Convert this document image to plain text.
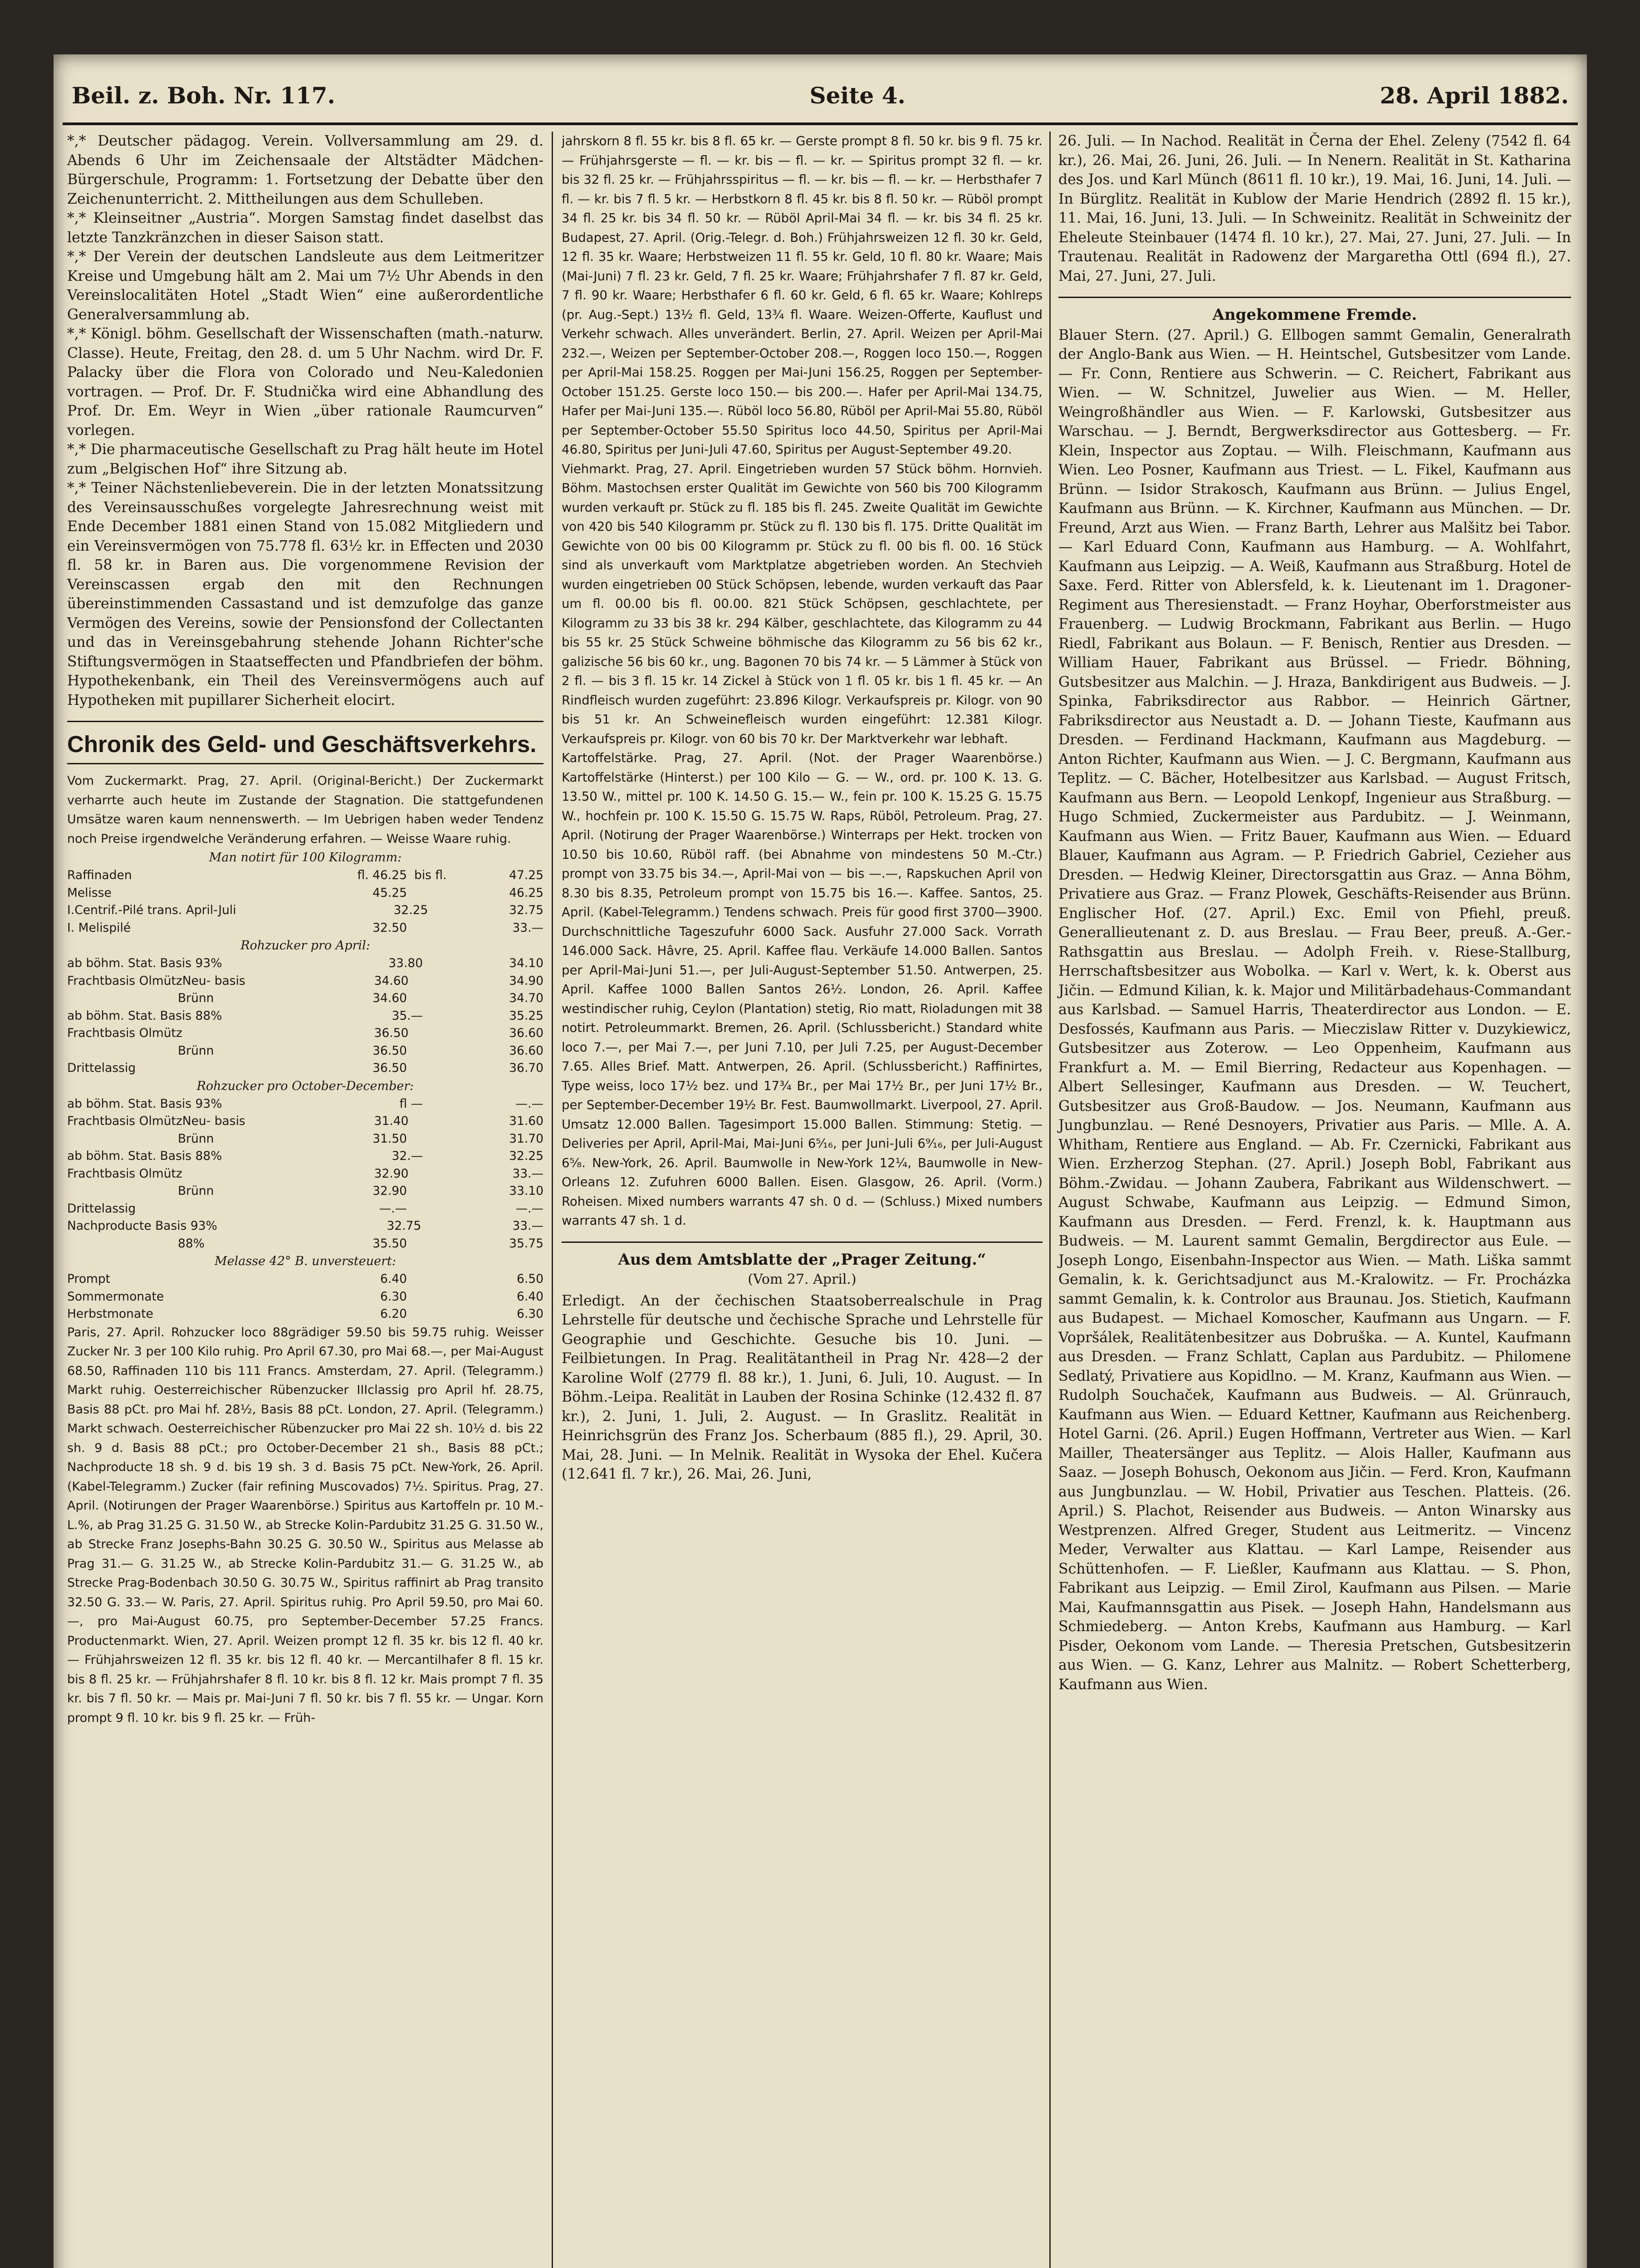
Beil. z. Boh. Nr. 117.	Seite 4.	28. April 1882.

*,* Deutscher pädagog. Verein. Vollversammlung am 29. d. Abends 6 Uhr im Zeichensaale der Altstädter Mädchen-Bürgerschule, Programm: 1. Fortsetzung der Debatte über den Zeichenunterricht. 2. Mittheilungen aus dem Schulleben.

*,* Kleinseitner „Austria“. Morgen Samstag findet daselbst das letzte Tanzkränzchen in dieser Saison statt.

*,* Der Verein der deutschen Landsleute aus dem Leitmeritzer Kreise und Umgebung hält am 2. Mai um 7½ Uhr Abends in den Vereinslocalitäten Hotel „Stadt Wien“ eine außerordentliche Generalversammlung ab.

*,* Königl. böhm. Gesellschaft der Wissenschaften (math.-naturw. Classe). Heute, Freitag, den 28. d. um 5 Uhr Nachm. wird Dr. F. Palacky über die Flora von Colorado und Neu-Kaledonien vortragen. — Prof. Dr. F. Studnička wird eine Abhandlung des Prof. Dr. Em. Weyr in Wien „über rationale Raumcurven“ vorlegen.

*,* Die pharmaceutische Gesellschaft zu Prag hält heute im Hotel zum „Belgischen Hof“ ihre Sitzung ab.

*,* Teiner Nächstenliebeverein. Die in der letzten Monatssitzung des Vereinsausschußes vorgelegte Jahresrechnung weist mit Ende December 1881 einen Stand von 15.082 Mitgliedern und ein Vereinsvermögen von 75.778 fl. 63½ kr. in Effecten und 2030 fl. 58 kr. in Baren aus. Die vorgenommene Revision der Vereinscassen ergab den mit den Rechnungen übereinstimmenden Cassastand und ist demzufolge das ganze Vermögen des Vereins, sowie der Pensionsfond der Collectanten und das in Vereinsgebahrung stehende Johann Richter'sche Stiftungsvermögen in Staatseffecten und Pfandbriefen der böhm. Hypothekenbank, ein Theil des Vereinsvermögens auch auf Hypotheken mit pupillarer Sicherheit elocirt.

Chronik des Geld- und Geschäftsverkehrs.

Vom Zuckermarkt. Prag, 27. April. (Original-Bericht.) Der Zuckermarkt verharrte auch heute im Zustande der Stagnation. Die stattgefundenen Umsätze waren kaum nennenswerth. — Im Uebrigen haben weder Tendenz noch Preise irgendwelche Veränderung erfahren. — Weisse Waare ruhig.

Man notirt für 100 Kilogramm:
Raffinaden	fl. 46.25 bis fl.	47.25
Melisse	45.25	46.25
I.Centrif.-Pilé trans. April-Juli	32.25	32.75
I. Melispilé	32.50	33.—
Rohzucker pro April:
ab böhm. Stat. Basis 93%	33.80	34.10
Frachtbasis Olmütz Neu- basis	34.60	34.90
Brünn	34.60	34.70
ab böhm. Stat. Basis 88%	35.—	35.25
Frachtbasis Olmütz	36.50	36.60
Brünn	36.50	36.60
Drittelassig	36.50	36.70
Rohzucker pro October-December:
ab böhm. Stat. Basis 93%	fl —	—.—
Frachtbasis Olmütz Neu- basis	31.40	31.60
Brünn	31.50	31.70
ab böhm. Stat. Basis 88%	32.—	32.25
Frachtbasis Olmütz	32.90	33.—
Brünn	32.90	33.10
Drittelassig	—.—	—.—
Nachproducte Basis 93%	32.75	33.—
88%	35.50	35.75
Melasse 42° B. unversteuert:
Prompt	6.40	6.50
Sommermonate	6.30	6.40
Herbstmonate	6.20	6.30

Paris, 27. April. Rohzucker loco 88grädiger 59.50 bis 59.75 ruhig. Weisser Zucker Nr. 3 per 100 Kilo ruhig. Pro April 67.30, pro Mai 68.—, per Mai-August 68.50, Raffinaden 110 bis 111 Francs. Amsterdam, 27. April. (Telegramm.) Markt ruhig. Oesterreichischer Rübenzucker IIIclassig pro April hf. 28.75, Basis 88 pCt. pro Mai hf. 28½, Basis 88 pCt. London, 27. April. (Telegramm.) Markt schwach. Oesterreichischer Rübenzucker pro Mai 22 sh. 10½ d. bis 22 sh. 9 d. Basis 88 pCt.; pro October-December 21 sh., Basis 88 pCt.; Nachproducte 18 sh. 9 d. bis 19 sh. 3 d. Basis 75 pCt. New-York, 26. April. (Kabel-Telegramm.) Zucker (fair refining Muscovados) 7½. Spiritus. Prag, 27. April. (Notirungen der Prager Waarenbörse.) Spiritus aus Kartoffeln pr. 10 M.-L.%, ab Prag 31.25 G. 31.50 W., ab Strecke Kolin-Pardubitz 31.25 G. 31.50 W., ab Strecke Franz Josephs-Bahn 30.25 G. 30.50 W., Spiritus aus Melasse ab Prag 31.— G. 31.25 W., ab Strecke Kolin-Pardubitz 31.— G. 31.25 W., ab Strecke Prag-Bodenbach 30.50 G. 30.75 W., Spiritus raffinirt ab Prag transito 32.50 G. 33.— W. Paris, 27. April. Spiritus ruhig. Pro April 59.50, pro Mai 60.—, pro Mai-August 60.75, pro September-December 57.25 Francs. Productenmarkt. Wien, 27. April. Weizen prompt 12 fl. 35 kr. bis 12 fl. 40 kr. — Frühjahrsweizen 12 fl. 35 kr. bis 12 fl. 40 kr. — Mercantilhafer 8 fl. 15 kr. bis 8 fl. 25 kr. — Frühjahrshafer 8 fl. 10 kr. bis 8 fl. 12 kr. Mais prompt 7 fl. 35 kr. bis 7 fl. 50 kr. — Mais pr. Mai-Juni 7 fl. 50 kr. bis 7 fl. 55 kr. — Ungar. Korn prompt 9 fl. 10 kr. bis 9 fl. 25 kr. — Früh-

jahrskorn 8 fl. 55 kr. bis 8 fl. 65 kr. — Gerste prompt 8 fl. 50 kr. bis 9 fl. 75 kr. — Frühjahrsgerste — fl. — kr. bis — fl. — kr. — Spiritus prompt 32 fl. — kr. bis 32 fl. 25 kr. — Frühjahrsspiritus — fl. — kr. bis — fl. — kr. — Herbsthafer 7 fl. — kr. bis 7 fl. 5 kr. — Herbstkorn 8 fl. 45 kr. bis 8 fl. 50 kr. — Rüböl prompt 34 fl. 25 kr. bis 34 fl. 50 kr. — Rüböl April-Mai 34 fl. — kr. bis 34 fl. 25 kr. Budapest, 27. April. (Orig.-Telegr. d. Boh.) Frühjahrsweizen 12 fl. 30 kr. Geld, 12 fl. 35 kr. Waare; Herbstweizen 11 fl. 55 kr. Geld, 10 fl. 80 kr. Waare; Mais (Mai-Juni) 7 fl. 23 kr. Geld, 7 fl. 25 kr. Waare; Frühjahrshafer 7 fl. 87 kr. Geld, 7 fl. 90 kr. Waare; Herbsthafer 6 fl. 60 kr. Geld, 6 fl. 65 kr. Waare; Kohlreps (pr. Aug.-Sept.) 13½ fl. Geld, 13¾ fl. Waare. Weizen-Offerte, Kauflust und Verkehr schwach. Alles unverändert. Berlin, 27. April. Weizen per April-Mai 232.—, Weizen per September-October 208.—, Roggen loco 150.—, Roggen per April-Mai 158.25. Roggen per Mai-Juni 156.25, Roggen per September-October 151.25. Gerste loco 150.— bis 200.—. Hafer per April-Mai 134.75, Hafer per Mai-Juni 135.—. Rüböl loco 56.80, Rüböl per April-Mai 55.80, Rüböl per September-October 55.50 Spiritus loco 44.50, Spiritus per April-Mai 46.80, Spiritus per Juni-Juli 47.60, Spiritus per August-September 49.20.

Viehmarkt. Prag, 27. April. Eingetrieben wurden 57 Stück böhm. Hornvieh. Böhm. Mastochsen erster Qualität im Gewichte von 560 bis 700 Kilogramm wurden verkauft pr. Stück zu fl. 185 bis fl. 245. Zweite Qualität im Gewichte von 420 bis 540 Kilogramm pr. Stück zu fl. 130 bis fl. 175. Dritte Qualität im Gewichte von 00 bis 00 Kilogramm pr. Stück zu fl. 00 bis fl. 00. 16 Stück sind als unverkauft vom Marktplatze abgetrieben worden. An Stechvieh wurden eingetrieben 00 Stück Schöpsen, lebende, wurden verkauft das Paar um fl. 00.00 bis fl. 00.00. 821 Stück Schöpsen, geschlachtete, per Kilogramm zu 33 bis 38 kr. 294 Kälber, geschlachtete, das Kilogramm zu 44 bis 55 kr. 25 Stück Schweine böhmische das Kilogramm zu 56 bis 62 kr., galizische 56 bis 60 kr., ung. Bagonen 70 bis 74 kr. — 5 Lämmer à Stück von 2 fl. — bis 3 fl. 15 kr. 14 Zickel à Stück von 1 fl. 05 kr. bis 1 fl. 45 kr. — An Rindfleisch wurden zugeführt: 23.896 Kilogr. Verkaufspreis pr. Kilogr. von 90 bis 51 kr. An Schweinefleisch wurden eingeführt: 12.381 Kilogr. Verkaufspreis pr. Kilogr. von 60 bis 70 kr. Der Marktverkehr war lebhaft.

Kartoffelstärke. Prag, 27. April. (Not. der Prager Waarenbörse.) Kartoffelstärke (Hinterst.) per 100 Kilo — G. — W., ord. pr. 100 K. 13. G. 13.50 W., mittel pr. 100 K. 14.50 G. 15.— W., fein pr. 100 K. 15.25 G. 15.75 W., hochfein pr. 100 K. 15.50 G. 15.75 W. Raps, Rüböl, Petroleum. Prag, 27. April. (Notirung der Prager Waarenbörse.) Winterraps per Hekt. trocken von 10.50 bis 10.60, Rüböl raff. (bei Abnahme von mindestens 50 M.-Ctr.) prompt von 33.75 bis 34.—, April-Mai von — bis —.—, Rapskuchen April von 8.30 bis 8.35, Petroleum prompt von 15.75 bis 16.—. Kaffee. Santos, 25. April. (Kabel-Telegramm.) Tendens schwach. Preis für good first 3700—3900. Durchschnittliche Tageszufuhr 6000 Sack. Ausfuhr 27.000 Sack. Vorrath 146.000 Sack. Hâvre, 25. April. Kaffee flau. Verkäufe 14.000 Ballen. Santos per April-Mai-Juni 51.—, per Juli-August-September 51.50. Antwerpen, 25. April. Kaffee 1000 Ballen Santos 26½. London, 26. April. Kaffee westindischer ruhig, Ceylon (Plantation) stetig, Rio matt, Rioladungen mit 38 notirt. Petroleummarkt. Bremen, 26. April. (Schlussbericht.) Standard white loco 7.—, per Mai 7.—, per Juni 7.10, per Juli 7.25, per August-December 7.65. Alles Brief. Matt. Antwerpen, 26. April. (Schlussbericht.) Raffinirtes, Type weiss, loco 17½ bez. und 17¾ Br., per Mai 17½ Br., per Juni 17½ Br., per September-December 19½ Br. Fest. Baumwollmarkt. Liverpool, 27. April. Umsatz 12.000 Ballen. Tagesimport 15.000 Ballen. Stimmung: Stetig. — Deliveries per April, April-Mai, Mai-Juni 6⁵⁄₁₆, per Juni-Juli 6⁹⁄₁₆, per Juli-August 6⁵⁄₈. New-York, 26. April. Baumwolle in New-York 12¼, Baumwolle in New-Orleans 12. Zufuhren 6000 Ballen. Eisen. Glasgow, 26. April. (Vorm.) Roheisen. Mixed numbers warrants 47 sh. 0 d. — (Schluss.) Mixed numbers warrants 47 sh. 1 d.

Aus dem Amtsblatte der „Prager Zeitung.“
(Vom 27. April.)

Erledigt. An der čechischen Staatsoberrealschule in Prag Lehrstelle für deutsche und čechische Sprache und Lehrstelle für Geographie und Geschichte. Gesuche bis 10. Juni. — Feilbietungen. In Prag. Realitätantheil in Prag Nr. 428—2 der Karoline Wolf (2779 fl. 88 kr.), 1. Juni, 6. Juli, 10. August. — In Böhm.-Leipa. Realität in Lauben der Rosina Schinke (12.432 fl. 87 kr.), 2. Juni, 1. Juli, 2. August. — In Graslitz. Realität in Heinrichsgrün des Franz Jos. Scherbaum (885 fl.), 29. April, 30. Mai, 28. Juni. — In Melnik. Realität in Wysoka der Ehel. Kučera (12.641 fl. 7 kr.), 26. Mai, 26. Juni,

26. Juli. — In Nachod. Realität in Černa der Ehel. Zeleny (7542 fl. 64 kr.), 26. Mai, 26. Juni, 26. Juli. — In Nenern. Realität in St. Katharina des Jos. und Karl Münch (8611 fl. 10 kr.), 19. Mai, 16. Juni, 14. Juli. — In Bürglitz. Realität in Kublow der Marie Hendrich (2892 fl. 15 kr.), 11. Mai, 16. Juni, 13. Juli. — In Schweinitz. Realität in Schweinitz der Eheleute Steinbauer (1474 fl. 10 kr.), 27. Mai, 27. Juni, 27. Juli. — In Trautenau. Realität in Radowenz der Margaretha Ottl (694 fl.), 27. Mai, 27. Juni, 27. Juli.

Angekommene Fremde.

Blauer Stern. (27. April.) G. Ellbogen sammt Gemalin, Generalrath der Anglo-Bank aus Wien. — H. Heintschel, Gutsbesitzer vom Lande. — Fr. Conn, Rentiere aus Schwerin. — C. Reichert, Fabrikant aus Wien. — W. Schnitzel, Juwelier aus Wien. — M. Heller, Weingroßhändler aus Wien. — F. Karlowski, Gutsbesitzer aus Warschau. — J. Berndt, Bergwerksdirector aus Gottesberg. — Fr. Klein, Inspector aus Zoptau. — Wilh. Fleischmann, Kaufmann aus Wien. Leo Posner, Kaufmann aus Triest. — L. Fikel, Kaufmann aus Brünn. — Isidor Strakosch, Kaufmann aus Brünn. — Julius Engel, Kaufmann aus Brünn. — K. Kirchner, Kaufmann aus München. — Dr. Freund, Arzt aus Wien. — Franz Barth, Lehrer aus Malšitz bei Tabor. — Karl Eduard Conn, Kaufmann aus Hamburg. — A. Wohlfahrt, Kaufmann aus Leipzig. — A. Weiß, Kaufmann aus Straßburg. Hotel de Saxe. Ferd. Ritter von Ablersfeld, k. k. Lieutenant im 1. Dragoner-Regiment aus Theresienstadt. — Franz Hoyhar, Oberforstmeister aus Frauenberg. — Ludwig Brockmann, Fabrikant aus Berlin. — Hugo Riedl, Fabrikant aus Bolaun. — F. Benisch, Rentier aus Dresden. — William Hauer, Fabrikant aus Brüssel. — Friedr. Böhning, Gutsbesitzer aus Malchin. — J. Hraza, Bankdirigent aus Budweis. — J. Spinka, Fabriksdirector aus Rabbor. — Heinrich Gärtner, Fabriksdirector aus Neustadt a. D. — Johann Tieste, Kaufmann aus Dresden. — Ferdinand Hackmann, Kaufmann aus Magdeburg. — Anton Richter, Kaufmann aus Wien. — J. C. Bergmann, Kaufmann aus Teplitz. — C. Bächer, Hotelbesitzer aus Karlsbad. — August Fritsch, Kaufmann aus Bern. — Leopold Lenkopf, Ingenieur aus Straßburg. — Hugo Schmied, Zuckermeister aus Pardubitz. — J. Weinmann, Kaufmann aus Wien. — Fritz Bauer, Kaufmann aus Wien. — Eduard Blauer, Kaufmann aus Agram. — P. Friedrich Gabriel, Cezieher aus Dresden. — Hedwig Kleiner, Directorsgattin aus Graz. — Anna Böhm, Privatiere aus Graz. — Franz Plowek, Geschäfts-Reisender aus Brünn. Englischer Hof. (27. April.) Exc. Emil von Pfiehl, preuß. Generallieutenant z. D. aus Breslau. — Frau Beer, preuß. A.-Ger.-Rathsgattin aus Breslau. — Adolph Freih. v. Riese-Stallburg, Herrschaftsbesitzer aus Wobolka. — Karl v. Wert, k. k. Oberst aus Jičin. — Edmund Kilian, k. k. Major und Militärbadehaus-Commandant aus Karlsbad. — Samuel Harris, Theaterdirector aus London. — E. Desfossés, Kaufmann aus Paris. — Mieczislaw Ritter v. Duzykiewicz, Gutsbesitzer aus Zoterow. — Leo Oppenheim, Kaufmann aus Frankfurt a. M. — Emil Bierring, Redacteur aus Kopenhagen. — Albert Sellesinger, Kaufmann aus Dresden. — W. Teuchert, Gutsbesitzer aus Groß-Baudow. — Jos. Neumann, Kaufmann aus Jungbunzlau. — René Desnoyers, Privatier aus Paris. — Mlle. A. A. Whitham, Rentiere aus England. — Ab. Fr. Czernicki, Fabrikant aus Wien. Erzherzog Stephan. (27. April.) Joseph Bobl, Fabrikant aus Böhm.-Zwidau. — Johann Zaubera, Fabrikant aus Wildenschwert. — August Schwabe, Kaufmann aus Leipzig. — Edmund Simon, Kaufmann aus Dresden. — Ferd. Frenzl, k. k. Hauptmann aus Budweis. — M. Laurent sammt Gemalin, Bergdirector aus Eule. — Joseph Longo, Eisenbahn-Inspector aus Wien. — Math. Liška sammt Gemalin, k. k. Gerichtsadjunct aus M.-Kralowitz. — Fr. Procházka sammt Gemalin, k. k. Controlor aus Braunau. Jos. Stietich, Kaufmann aus Budapest. — Michael Komoscher, Kaufmann aus Ungarn. — F. Vopršálek, Realitätenbesitzer aus Dobruška. — A. Kuntel, Kaufmann aus Dresden. — Franz Schlatt, Caplan aus Pardubitz. — Philomene Sedlatý, Privatiere aus Kopidlno. — M. Kranz, Kaufmann aus Wien. — Rudolph Souchaček, Kaufmann aus Budweis. — Al. Grünrauch, Kaufmann aus Wien. — Eduard Kettner, Kaufmann aus Reichenberg. Hotel Garni. (26. April.) Eugen Hoffmann, Vertreter aus Wien. — Karl Mailler, Theatersänger aus Teplitz. — Alois Haller, Kaufmann aus Saaz. — Joseph Bohusch, Oekonom aus Jičin. — Ferd. Kron, Kaufmann aus Jungbunzlau. — W. Hobil, Privatier aus Teschen. Platteis. (26. April.) S. Plachot, Reisender aus Budweis. — Anton Winarsky aus Westprenzen. Alfred Greger, Student aus Leitmeritz. — Vincenz Meder, Verwalter aus Klattau. — Karl Lampe, Reisender aus Schüttenhofen. — F. Ließler, Kaufmann aus Klattau. — S. Phon, Fabrikant aus Leipzig. — Emil Zirol, Kaufmann aus Pilsen. — Marie Mai, Kaufmannsgattin aus Pisek. — Joseph Hahn, Handelsmann aus Schmiedeberg. — Anton Krebs, Kaufmann aus Hamburg. — Karl Pisder, Oekonom vom Lande. — Theresia Pretschen, Gutsbesitzerin aus Wien. — G. Kanz, Lehrer aus Malnitz. — Robert Schetterberg, Kaufmann aus Wien.
